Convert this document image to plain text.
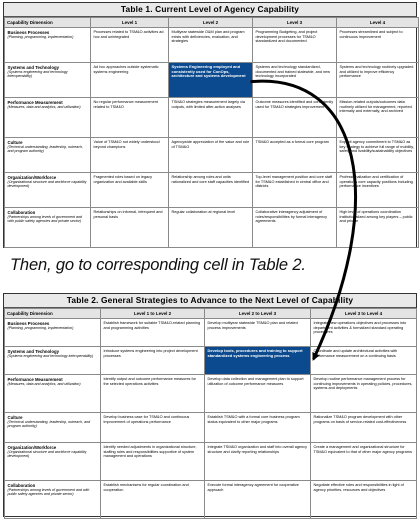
Table 1. Current Level of Agency Capability
Capability Dimension	Level 1	Level 2	Level 3	Level 4

Business Processes
(Planning, programming, implementation)	Processes related to TSM&O activities ad hoc and unintegrated	Multiyear statewide O&M plan and program exists with deficiencies, evaluation, and strategies	Programming Budgeting, and project development processes for TSM&O standardized and documented	Processes streamlined and subject to continuous improvement

Systems and Technology
(Systems engineering and technology interoperability)	Ad hoc approaches outside systematic systems engineering	Systems Engineering employed and consistently used for ConOps, architecture and systems development	Systems and technology standardized, documented and trained statewide, and new technology incorporated	Systems and technology routinely upgraded and utilized to improve efficiency performance

Performance Measurement
(Measures, data and analytics, and utilization)	No regular performance measurement related to TSM&O	TSM&O strategies measurement largely via outputs, with limited after-action analyses	Outcome measures identified and consistently used for TSM&O strategies improvement	Mission-related outputs/outcomes data routinely utilized for management, reported internally and externally, and archived

Culture
(Technical understanding, leadership, outreach, and program authority)	Value of TSM&O not widely understood beyond champions	Agencywide appreciation of the value and role of TSM&O	TSM&O accepted as a formal core program	Explicit agency commitment to TSM&O as key strategy to achieve full range of mobility, safety and livability/sustainability objectives

Organization/Workforce
(Organizational structure and workforce capability development)	Fragmented roles based on legacy organization and available skills	Relationship among roles and units rationalized and core staff capacities identified	Top-level management position and core staff for TSM&O established in central office and districts	Professionalization and certification of operations core capacity positions including performance incentives

Collaboration
(Partnerships among levels of government and with public safety agencies and private sector)	Relationships on informal, infrequent and personal basis	Regular collaboration at regional level	Collaborative interagency adjustment of roles/responsibilities by formal interagency agreements	High level of operations coordination institutionalized among key players – public and private
Then, go to corresponding cell in Table 2.
Table 2. General Strategies to Advance to the Next Level of Capability
Capability Dimension	Level 1 to Level 2	Level 2 to Level 3	Level 3 to Level 4

Business Processes
(Planning, programming, implementation)	Establish framework for suitable TSM&O-related planning and programming activities	Develop multiyear statewide TSM&O plan and related process improvements	Integrate new operations objectives and processes into department activities & formalized standard operating procedures

Systems and Technology
(Systems engineering and technology interoperability)	Introduce systems engineering into project development processes	Develop tools, procedures and training to support standardized systems engineering process	Coordinate and update architectural activities with performance measurement on a continuing basis

Performance Measurement
(Measures, data and analytics, and utilization)	Identify output and outcome performance measures for the selected operations activities	Develop data collection and management plan to support utilization of outcome performance measures	Develop routine performance management process for continuing improvements in operating policies, procedures, systems and deployments

Culture
(Technical understanding, leadership, outreach, and program authority)	Develop business case for TSM&O and continuous improvement of operations performance	Establish TSM&O with a formal core business program status equivalent to other major programs	Rationalize TSM&O program development with other programs on basis of service-related cost-effectiveness

Organization/Workforce
(Organizational structure and workforce capability development)	Identify needed adjustments in organizational structure, staffing roles and responsibilities supportive of system management and operations	Integrate TSM&O organization and staff into overall agency structure and clarify reporting relationships	Create a management and organizational structure for TSM&O equivalent to that of other major agency programs

Collaboration
(Partnerships among levels of government and with public safety agencies and private sector)	Establish mechanisms for regular coordination and cooperation	Execute formal interagency agreement for cooperative approach	Negotiate effective roles and responsibilities in light of agency priorities, resources and objectives
